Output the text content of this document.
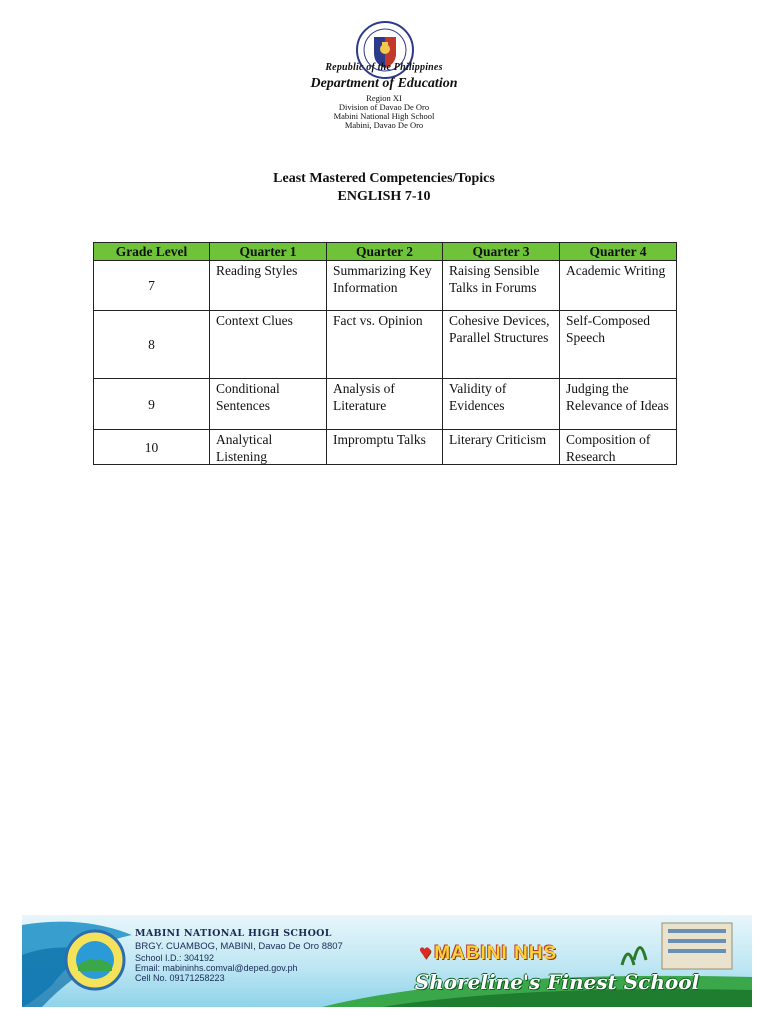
Republic of the Philippines
Department of Education
Region XI
Division of Davao De Oro
Mabini National High School
Mabini, Davao De Oro
Least Mastered Competencies/Topics
ENGLISH 7-10
Grade Level	Quarter 1	Quarter 2	Quarter 3	Quarter 4
7	Reading Styles	Summarizing Key Information	Raising Sensible Talks in Forums	Academic Writing
8	Context Clues	Fact vs. Opinion	Cohesive Devices, Parallel Structures	Self-Composed Speech
9	Conditional Sentences	Analysis of Literature	Validity of Evidences	Judging the Relevance of Ideas
10	Analytical Listening	Impromptu Talks	Literary Criticism	Composition of Research
MABINI NATIONAL HIGH SCHOOL
BRGY. CUAMBOG, MABINI, Davao De Oro 8807
School I.D.: 304192
Email: mabininhs.comval@deped.gov.ph
Cell No. 09171258223
♥ MABINI NHS
Shoreline's Finest School
